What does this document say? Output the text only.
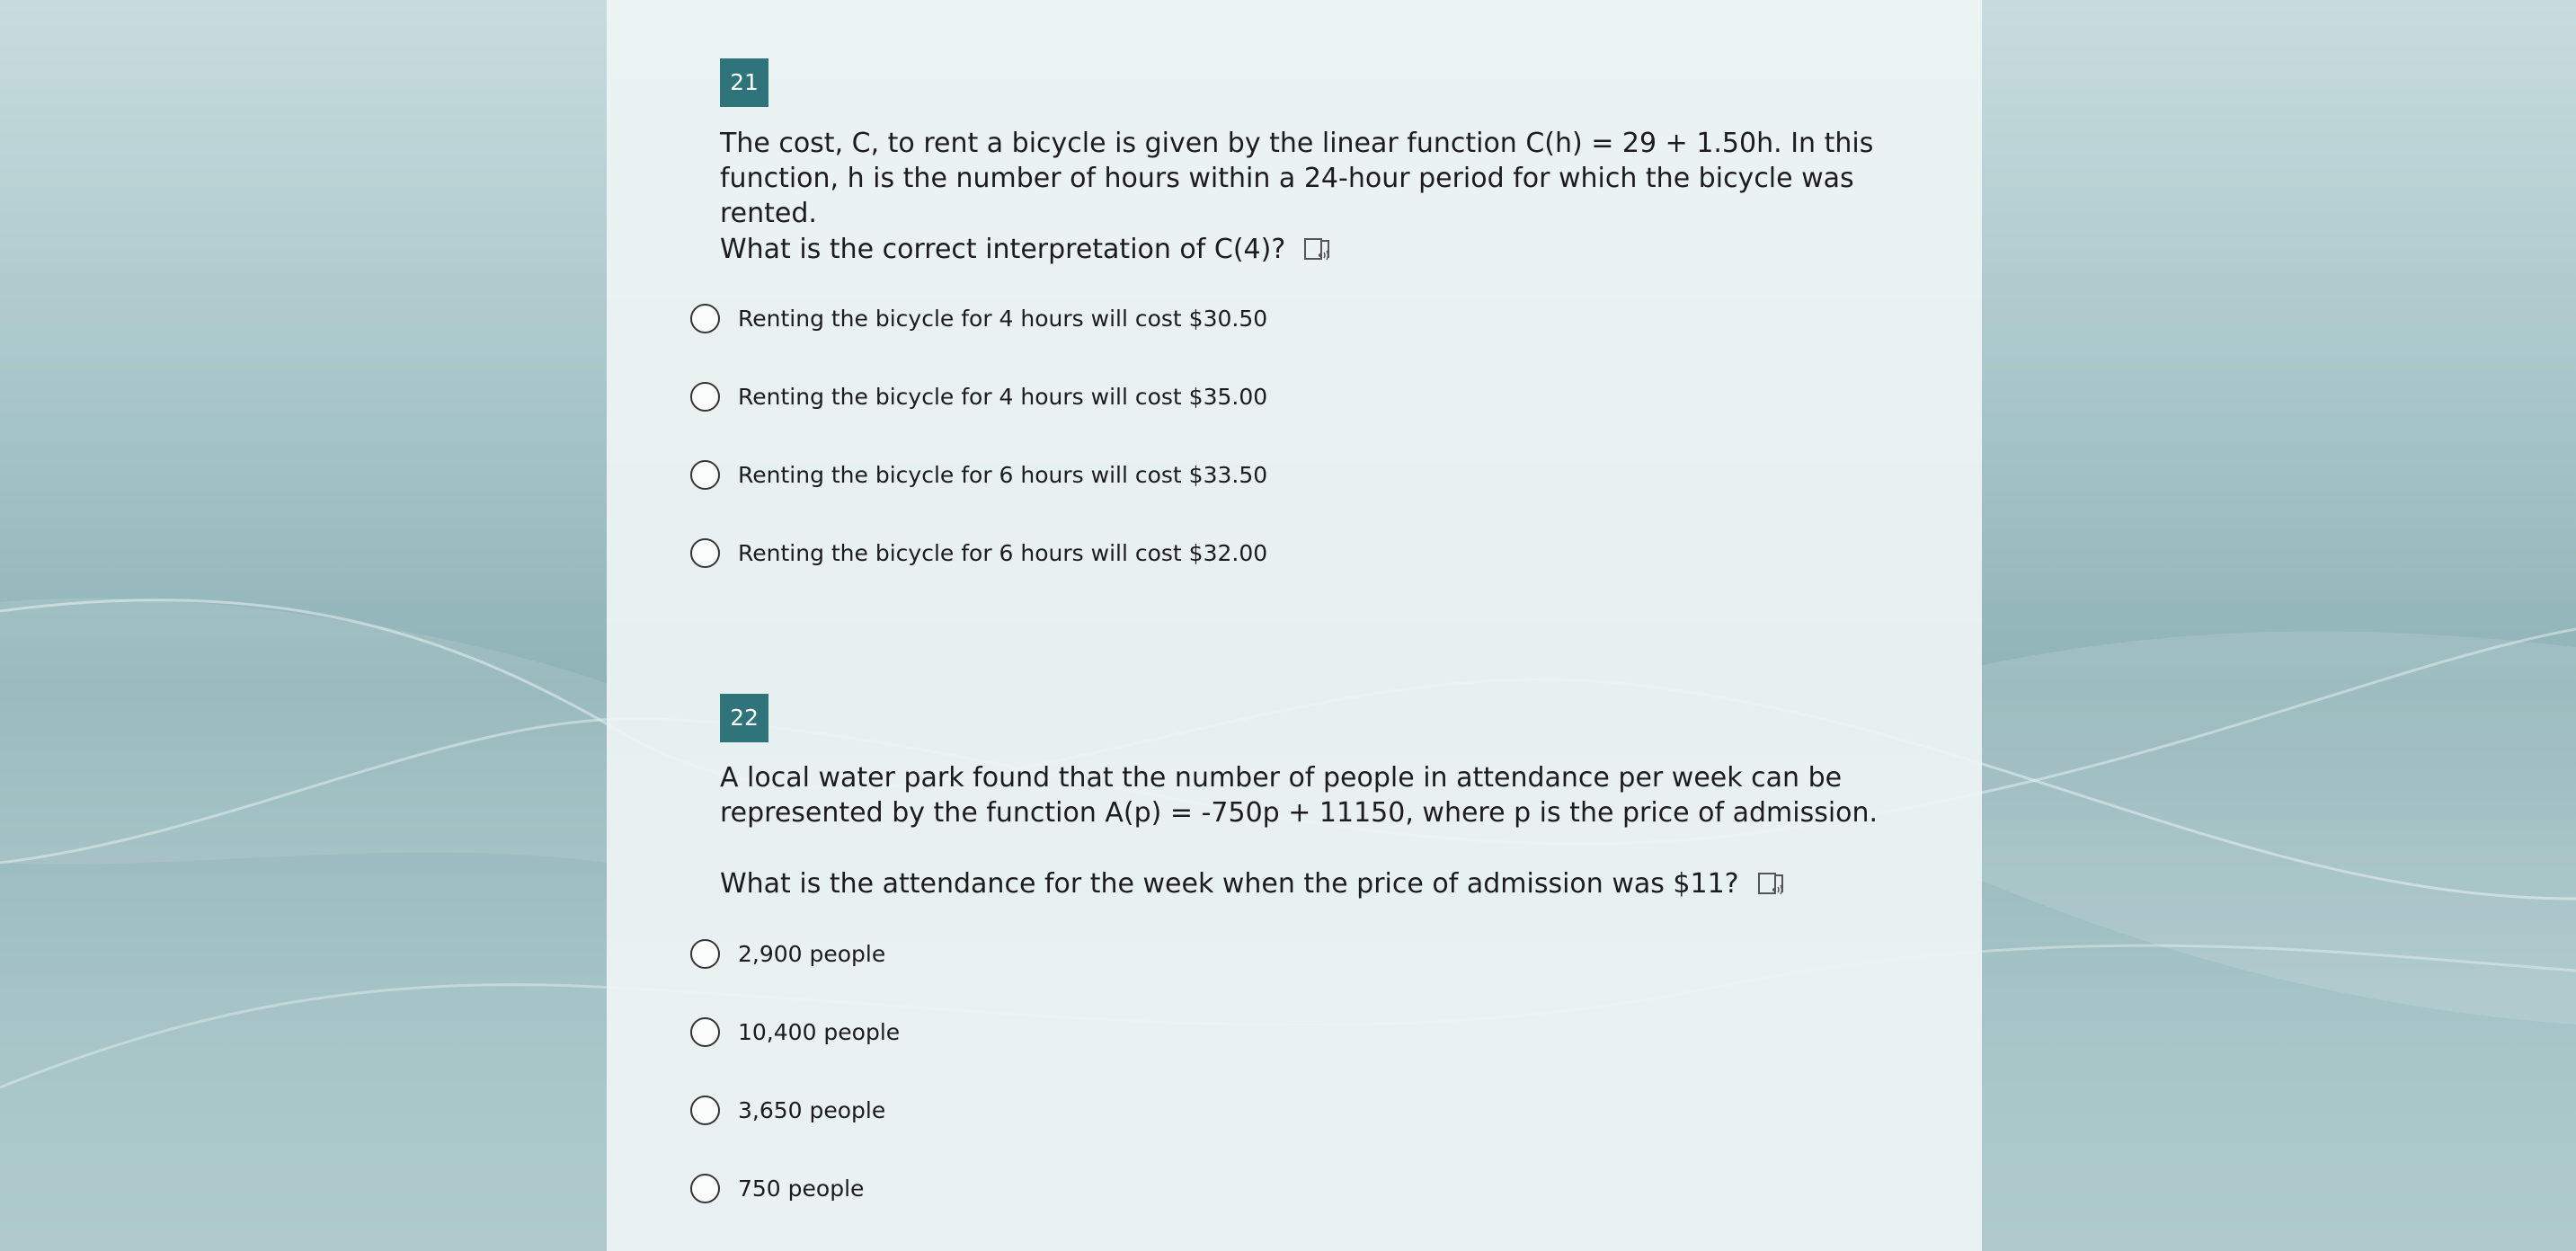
21
The cost, C, to rent a bicycle is given by the linear function C(h) = 29 + 1.50h. In this
function, h is the number of hours within a 24-hour period for which the bicycle was rented.
What is the correct interpretation of C(4)?
Renting the bicycle for 4 hours will cost $30.50
Renting the bicycle for 4 hours will cost $35.00
Renting the bicycle for 6 hours will cost $33.50
Renting the bicycle for 6 hours will cost $32.00
22
A local water park found that the number of people in attendance per week can be
represented by the function A(p) = -750p + 11150, where p is the price of admission.
What is the attendance for the week when the price of admission was $11?
2,900 people
10,400 people
3,650 people
750 people
